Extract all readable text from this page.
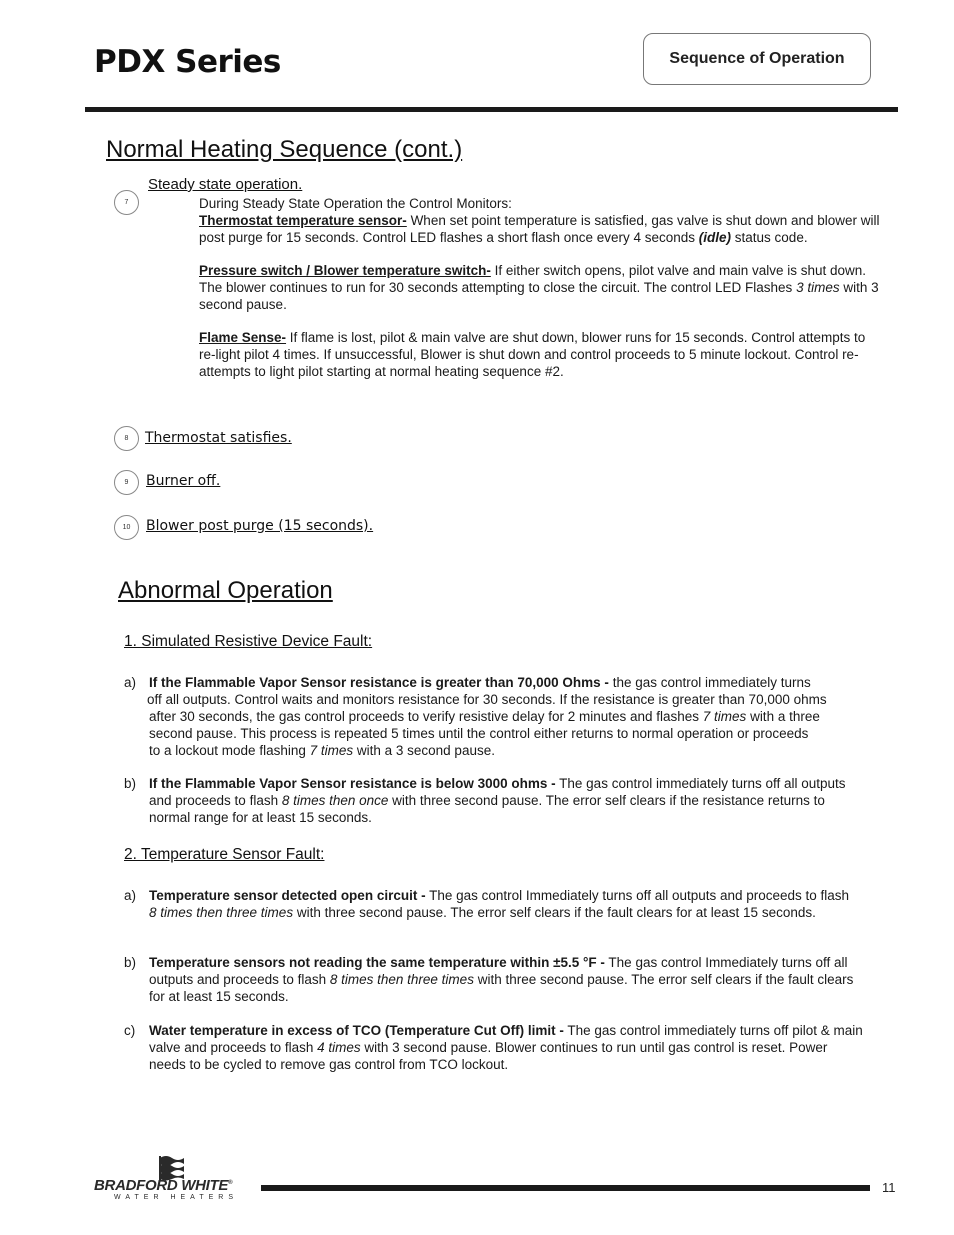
PDX Series	Sequence of Operation
Normal Heating Sequence (cont.)
7
Steady state operation.

During Steady State Operation the Control Monitors:

Thermostat temperature sensor- When set point temperature is satisfied, gas valve is shut down and blower will post purge for 15 seconds. Control LED flashes a short flash once every 4 seconds (idle) status code.

Pressure switch / Blower temperature switch- If either switch opens, pilot valve and main valve is shut down. The blower continues to run for 30 seconds attempting to close the circuit. The control LED Flashes 3 times with 3 second pause.

Flame Sense- If flame is lost, pilot & main valve are shut down, blower runs for 15 seconds. Control attempts to re-light pilot 4 times. If unsuccessful, Blower is shut down and control proceeds to 5 minute lockout. Control re-attempts to light pilot starting at normal heating sequence #2.

8 Thermostat satisfies.
9 Burner off.
10 Blower post purge (15 seconds).
Abnormal Operation
1. Simulated Resistive Device Fault:
a) If the Flammable Vapor Sensor resistance is greater than 70,000 Ohms - the gas control immediately turns

off all outputs. Control waits and monitors resistance for 30 seconds. If the resistance is greater than 70,000 ohms

after 30 seconds, the gas control proceeds to verify resistive delay for 2 minutes and flashes 7 times with a three

second pause. This process is repeated 5 times until the control either returns to normal operation or proceeds

to a lockout mode flashing 7 times with a 3 second pause.

b) If the Flammable Vapor Sensor resistance is below 3000 ohms - The gas control immediately turns off all outputs and proceeds to flash 8 times then once with three second pause. The error self clears if the resistance returns to normal range for at least 15 seconds.

2. Temperature Sensor Fault:
a) Temperature sensor detected open circuit - The gas control Immediately turns off all outputs and proceeds to flash 8 times then three times with three second pause. The error self clears if the fault clears for at least 15 seconds.

b) Temperature sensors not reading the same temperature within ±5.5 °F - The gas control Immediately turns off all outputs and proceeds to flash 8 times then three times with three second pause. The error self clears if the fault clears for at least 15 seconds.

c) Water temperature in excess of TCO (Temperature Cut Off) limit - The gas control immediately turns off pilot & main valve and proceeds to flash 4 times with 3 second pause. Blower continues to run until gas control is reset. Power needs to be cycled to remove gas control from TCO lockout.

BRADFORD WHITE®
WATER HEATERS
11
